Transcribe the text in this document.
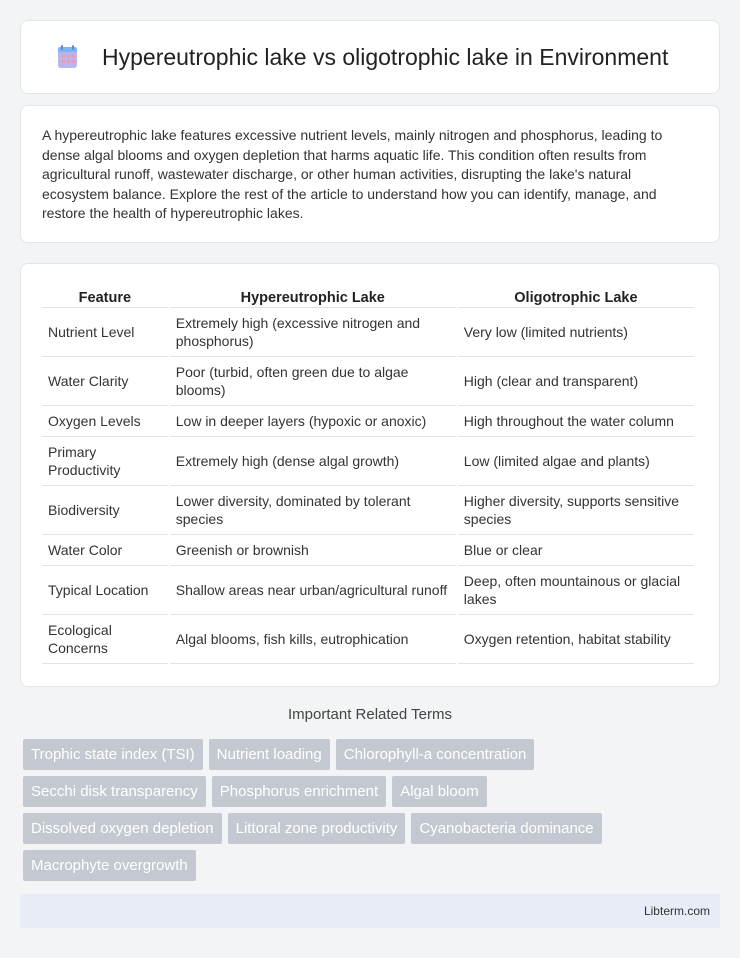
Hypereutrophic lake vs oligotrophic lake in Environment

A hypereutrophic lake features excessive nutrient levels, mainly nitrogen and phosphorus, leading to dense algal blooms and oxygen depletion that harms aquatic life. This condition often results from agricultural runoff, wastewater discharge, or other human activities, disrupting the lake's natural ecosystem balance. Explore the rest of the article to understand how you can identify, manage, and restore the health of hypereutrophic lakes.

Feature	Hypereutrophic Lake	Oligotrophic Lake
Nutrient Level	Extremely high (excessive nitrogen and phosphorus)	Very low (limited nutrients)
Water Clarity	Poor (turbid, often green due to algae blooms)	High (clear and transparent)
Oxygen Levels	Low in deeper layers (hypoxic or anoxic)	High throughout the water column
Primary Productivity	Extremely high (dense algal growth)	Low (limited algae and plants)
Biodiversity	Lower diversity, dominated by tolerant species	Higher diversity, supports sensitive species
Water Color	Greenish or brownish	Blue or clear
Typical Location	Shallow areas near urban/agricultural runoff	Deep, often mountainous or glacial lakes
Ecological Concerns	Algal blooms, fish kills, eutrophication	Oxygen retention, habitat stability
Important Related Terms
Trophic state index (TSI)	Nutrient loading	Chlorophyll-a concentration
Secchi disk transparency	Phosphorus enrichment	Algal bloom
Dissolved oxygen depletion	Littoral zone productivity	Cyanobacteria dominance
Macrophyte overgrowth
Libterm.com
